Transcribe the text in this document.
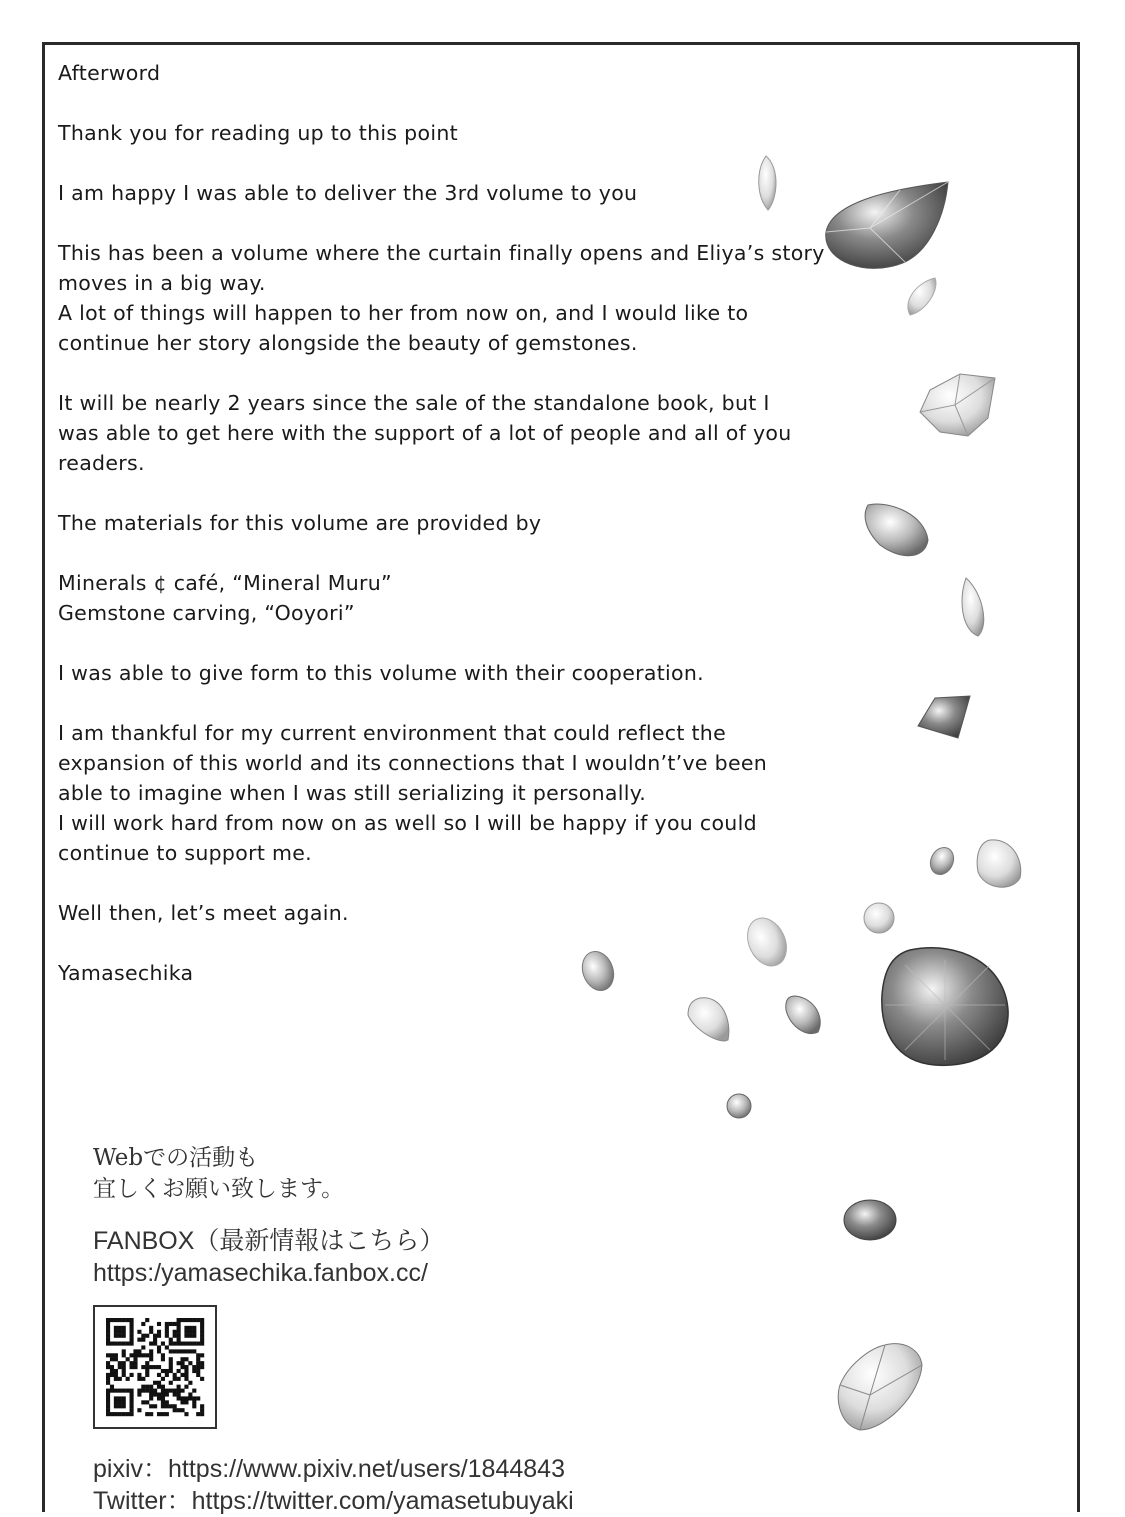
Afterword
Thank you for reading up to this point
I am happy I was able to deliver the 3rd volume to you
This has been a volume where the curtain finally opens and Eliya’s story
moves in a big way.
A lot of things will happen to her from now on, and I would like to
continue her story alongside the beauty of gemstones.
It will be nearly 2 years since the sale of the standalone book, but I
was able to get here with the support of a lot of people and all of you
readers.
The materials for this volume are provided by
Minerals ¢ café, “Mineral Muru”
Gemstone carving, “Ooyori”
I was able to give form to this volume with their cooperation.
I am thankful for my current environment that could reflect the
expansion of this world and its connections that I wouldn’t’ve been
able to imagine when I was still serializing it personally.
I will work hard from now on as well so I will be happy if you could
continue to support me.
Well then, let’s meet again.
Yamasechika
Webでの活動も
宜しくお願い致します。
FANBOX（最新情報はこちら）
https:/yamasechika.fanbox.cc/
pixiv：https://www.pixiv.net/users/1844843
Twitter：https://twitter.com/yamasetubuyaki
